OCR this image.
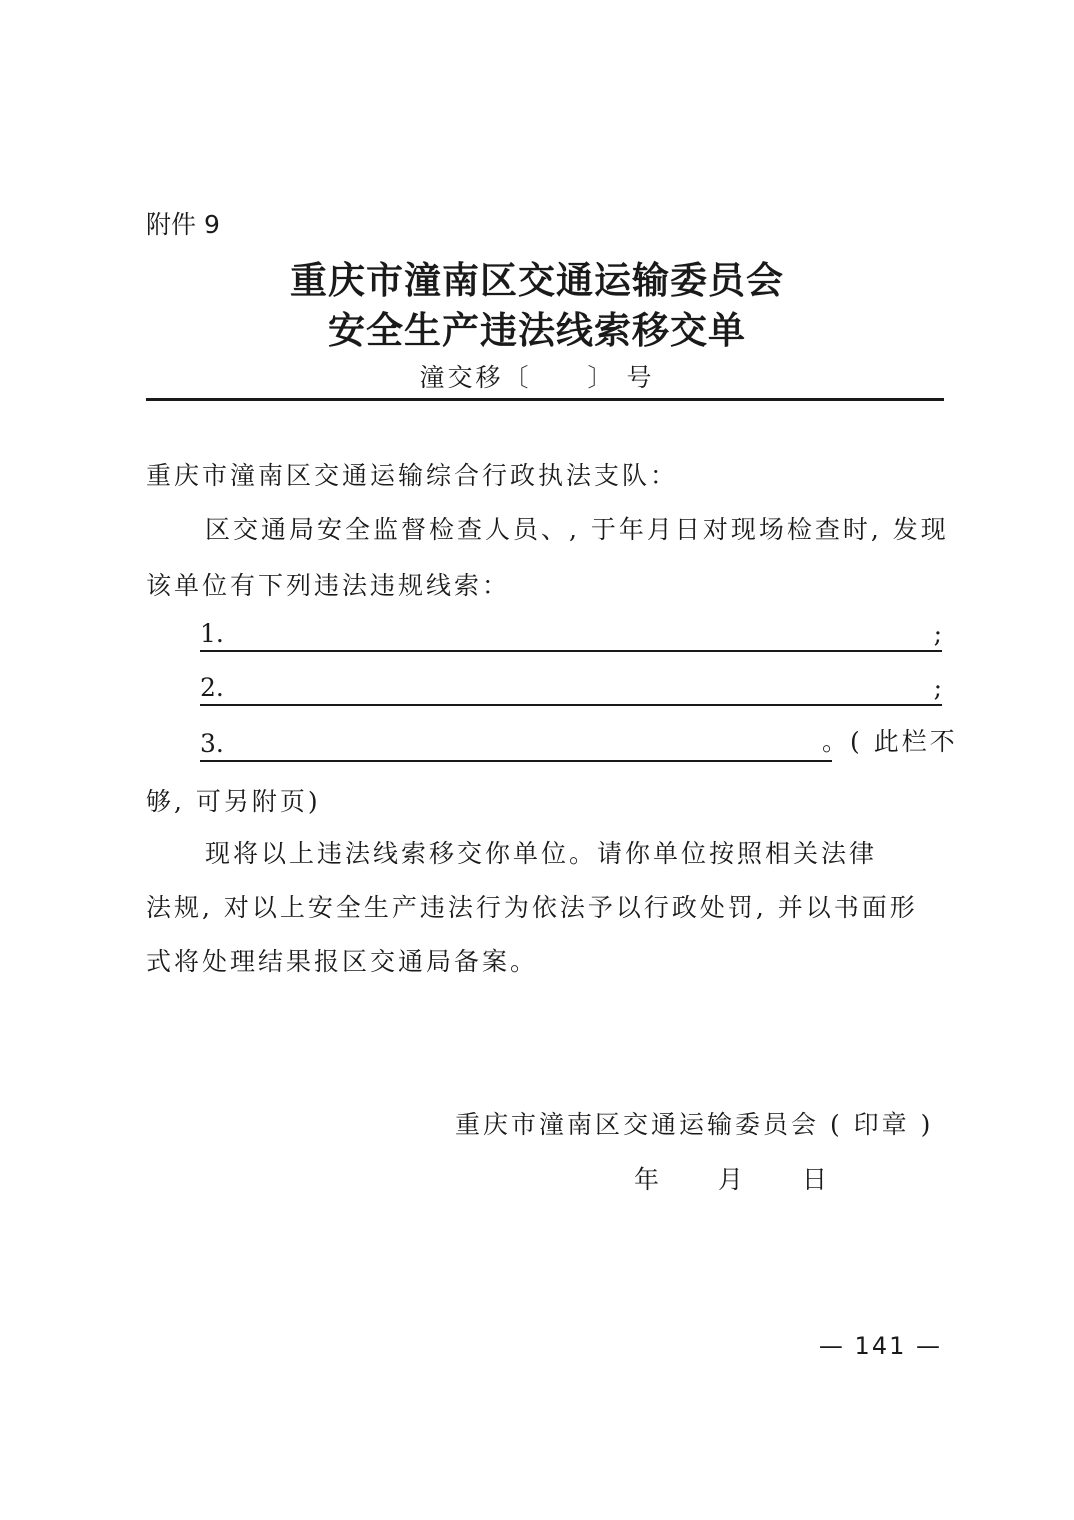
附件 9
重庆市潼南区交通运输委员会
安全生产违法线索移交单
潼交移〔　　〕 号
重庆市潼南区交通运输综合行政执法支队：
区交通局安全监督检查人员、, 于年月日对现场检查时, 发现
该单位有下列违法违规线索：
1.	;
2.	;
3.	。( 此栏不
够, 可另附页)
现将以上违法线索移交你单位。请你单位按照相关法律
法规, 对以上安全生产违法行为依法予以行政处罚, 并以书面形
式将处理结果报区交通局备案。
重庆市潼南区交通运输委员会 ( 印章 )
年　　月　　日
— 141 —
